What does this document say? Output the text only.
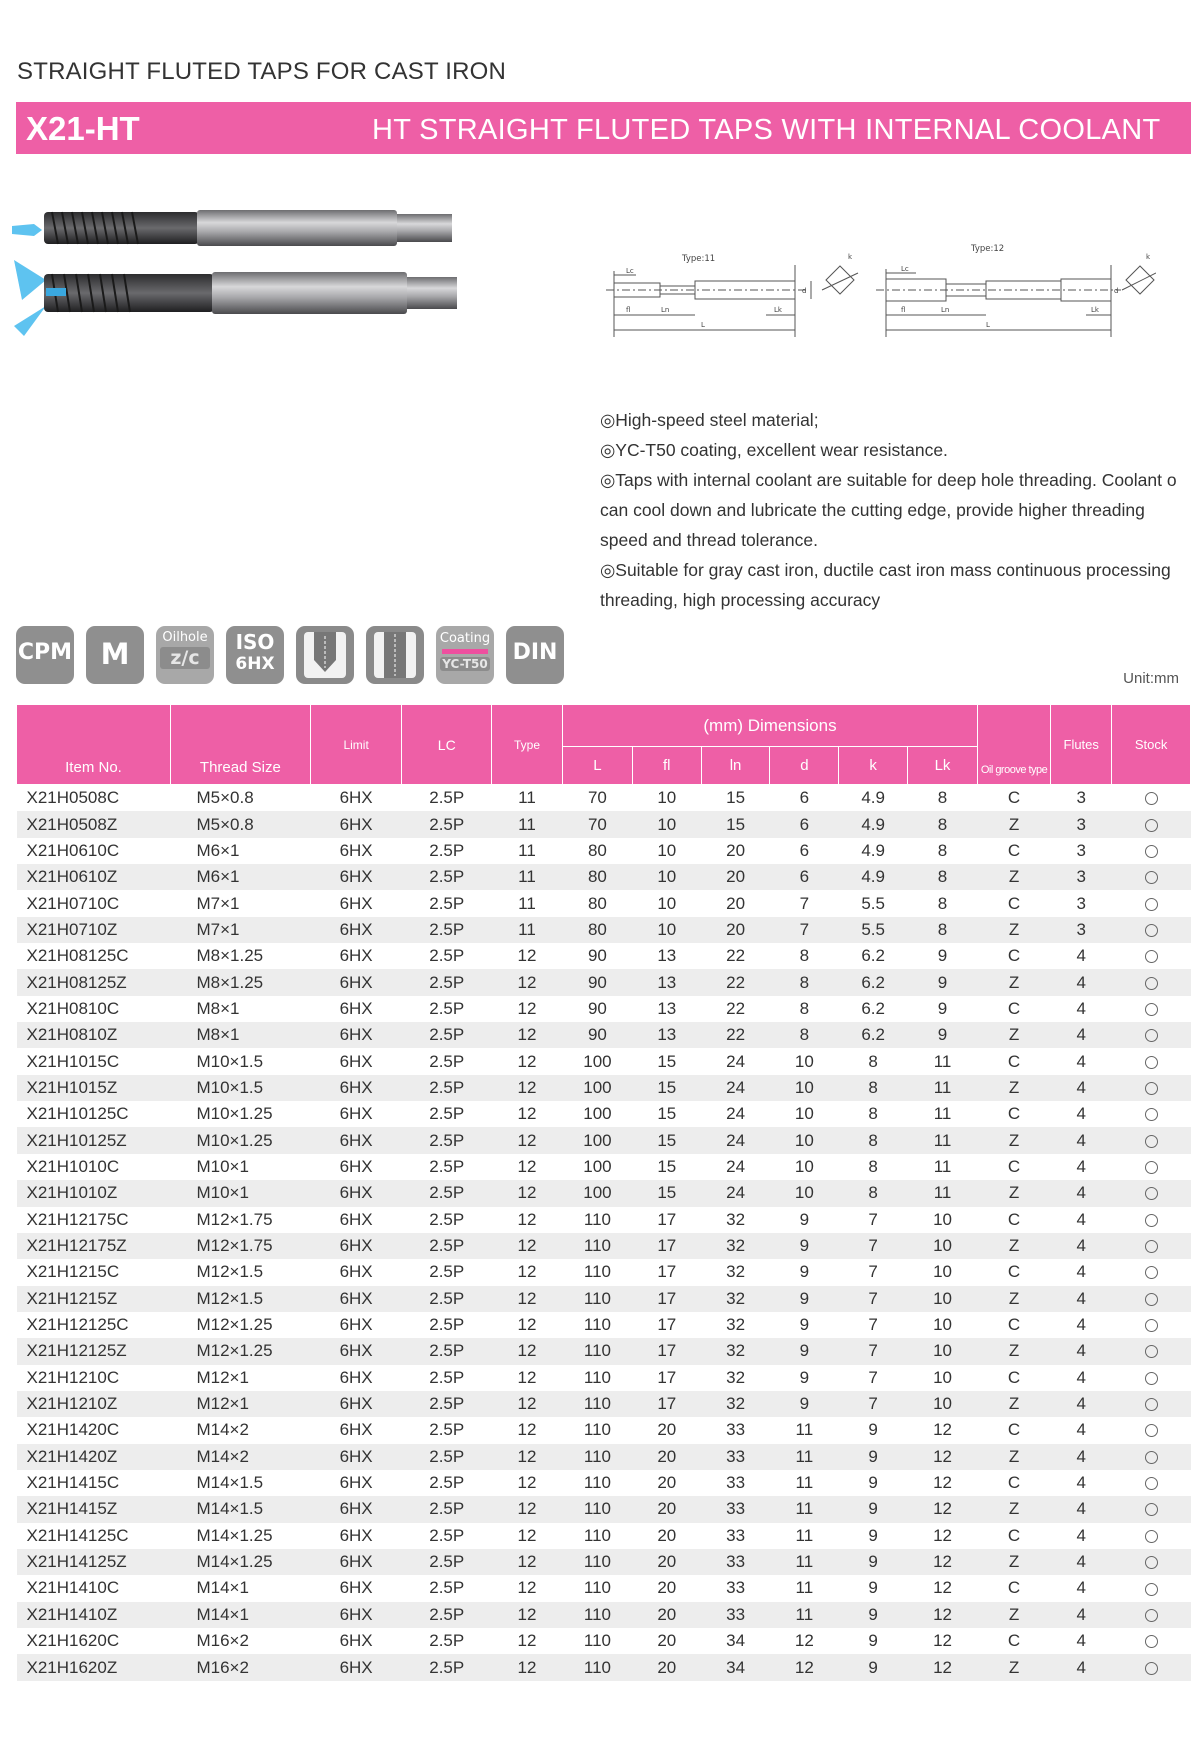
STRAIGHT FLUTED TAPS FOR CAST IRON
X21-HT	HT STRAIGHT FLUTED TAPS WITH INTERNAL COOLANT
Type:11
Type:12
Lc
fl	Ln
L
Lk
d
k
Lc
fl	Ln
L
Lk
d
k
◎High-speed steel material;
◎YC-T50 coating, excellent wear resistance.
◎Taps with internal coolant are suitable for deep hole threading. Coolant o
can cool down and lubricate the cutting edge, provide higher threading
speed and thread tolerance.
◎Suitable for gray cast iron, ductile cast iron mass continuous processing
threading, high processing accuracy
CPM M	Oilhole
z/c
ISO
6HX
Coating
YC-T50 DIN
Unit:mm
Item No.	Thread Size	Limit	LC	Type	(mm) Dimensions						Oil groove type	Flutes	Stock
					L	fl	ln	d	k	Lk			
X21H0508C	M5×0.8	6HX	2.5P	11	70	10	15	6	4.9	8	C	3	
X21H0508Z	M5×0.8	6HX	2.5P	11	70	10	15	6	4.9	8	Z	3	
X21H0610C	M6×1	6HX	2.5P	11	80	10	20	6	4.9	8	C	3	
X21H0610Z	M6×1	6HX	2.5P	11	80	10	20	6	4.9	8	Z	3	
X21H0710C	M7×1	6HX	2.5P	11	80	10	20	7	5.5	8	C	3	
X21H0710Z	M7×1	6HX	2.5P	11	80	10	20	7	5.5	8	Z	3	
X21H08125C	M8×1.25	6HX	2.5P	12	90	13	22	8	6.2	9	C	4	
X21H08125Z	M8×1.25	6HX	2.5P	12	90	13	22	8	6.2	9	Z	4	
X21H0810C	M8×1	6HX	2.5P	12	90	13	22	8	6.2	9	C	4	
X21H0810Z	M8×1	6HX	2.5P	12	90	13	22	8	6.2	9	Z	4	
X21H1015C	M10×1.5	6HX	2.5P	12	100	15	24	10	8	11	C	4	
X21H1015Z	M10×1.5	6HX	2.5P	12	100	15	24	10	8	11	Z	4	
X21H10125C	M10×1.25	6HX	2.5P	12	100	15	24	10	8	11	C	4	
X21H10125Z	M10×1.25	6HX	2.5P	12	100	15	24	10	8	11	Z	4	
X21H1010C	M10×1	6HX	2.5P	12	100	15	24	10	8	11	C	4	
X21H1010Z	M10×1	6HX	2.5P	12	100	15	24	10	8	11	Z	4	
X21H12175C	M12×1.75	6HX	2.5P	12	110	17	32	9	7	10	C	4	
X21H12175Z	M12×1.75	6HX	2.5P	12	110	17	32	9	7	10	Z	4	
X21H1215C	M12×1.5	6HX	2.5P	12	110	17	32	9	7	10	C	4	
X21H1215Z	M12×1.5	6HX	2.5P	12	110	17	32	9	7	10	Z	4	
X21H12125C	M12×1.25	6HX	2.5P	12	110	17	32	9	7	10	C	4	
X21H12125Z	M12×1.25	6HX	2.5P	12	110	17	32	9	7	10	Z	4	
X21H1210C	M12×1	6HX	2.5P	12	110	17	32	9	7	10	C	4	
X21H1210Z	M12×1	6HX	2.5P	12	110	17	32	9	7	10	Z	4	
X21H1420C	M14×2	6HX	2.5P	12	110	20	33	11	9	12	C	4	
X21H1420Z	M14×2	6HX	2.5P	12	110	20	33	11	9	12	Z	4	
X21H1415C	M14×1.5	6HX	2.5P	12	110	20	33	11	9	12	C	4	
X21H1415Z	M14×1.5	6HX	2.5P	12	110	20	33	11	9	12	Z	4	
X21H14125C	M14×1.25	6HX	2.5P	12	110	20	33	11	9	12	C	4	
X21H14125Z	M14×1.25	6HX	2.5P	12	110	20	33	11	9	12	Z	4	
X21H1410C	M14×1	6HX	2.5P	12	110	20	33	11	9	12	C	4	
X21H1410Z	M14×1	6HX	2.5P	12	110	20	33	11	9	12	Z	4	
X21H1620C	M16×2	6HX	2.5P	12	110	20	34	12	9	12	C	4	
X21H1620Z	M16×2	6HX	2.5P	12	110	20	34	12	9	12	Z	4	
